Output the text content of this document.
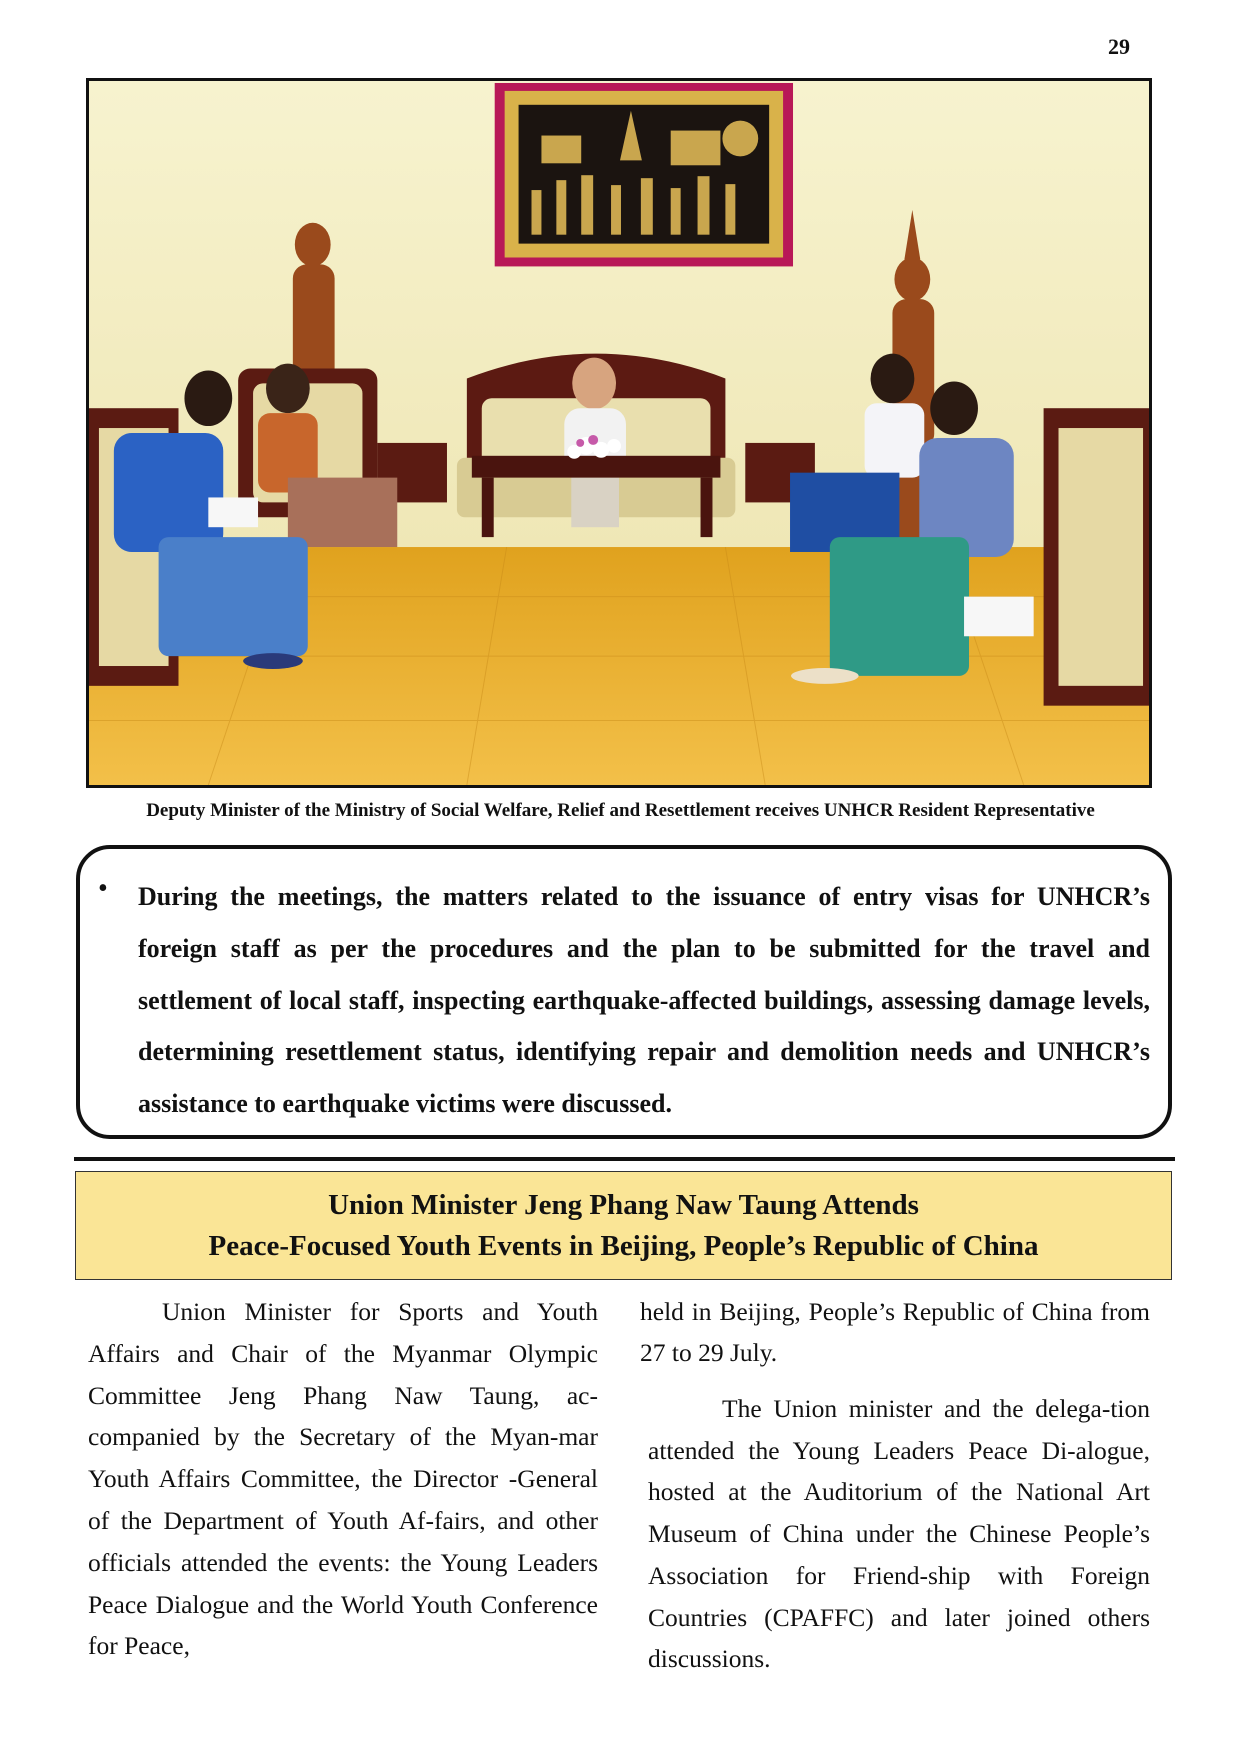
29
Deputy Minister of the Ministry of Social Welfare, Relief and Resettlement receives UNHCR Resident Representative
• During the meetings, the matters related to the issuance of entry visas for UNHCR’s foreign staff as per the procedures and the plan to be submitted for the travel and settlement of local staff, inspecting earthquake-affected buildings, assessing damage levels, determining resettlement status, identifying repair and demolition needs and UNHCR’s assistance to earthquake victims were discussed.

Union Minister Jeng Phang Naw Taung Attends
Peace-Focused Youth Events in Beijing, People’s Republic of China

Union Minister for Sports and Youth Affairs and Chair of the Myanmar Olympic Committee Jeng Phang Naw Taung, ac-companied by the Secretary of the Myan-mar Youth Affairs Committee, the Director -General of the Department of Youth Af-fairs, and other officials attended the events: the Young Leaders Peace Dialogue and the World Youth Conference for Peace,

held in Beijing, People’s Republic of China from 27 to 29 July.

The Union minister and the delega-tion attended the Young Leaders Peace Di-alogue, hosted at the Auditorium of the National Art Museum of China under the Chinese People’s Association for Friend-ship with Foreign Countries (CPAFFC) and later joined others discussions.
